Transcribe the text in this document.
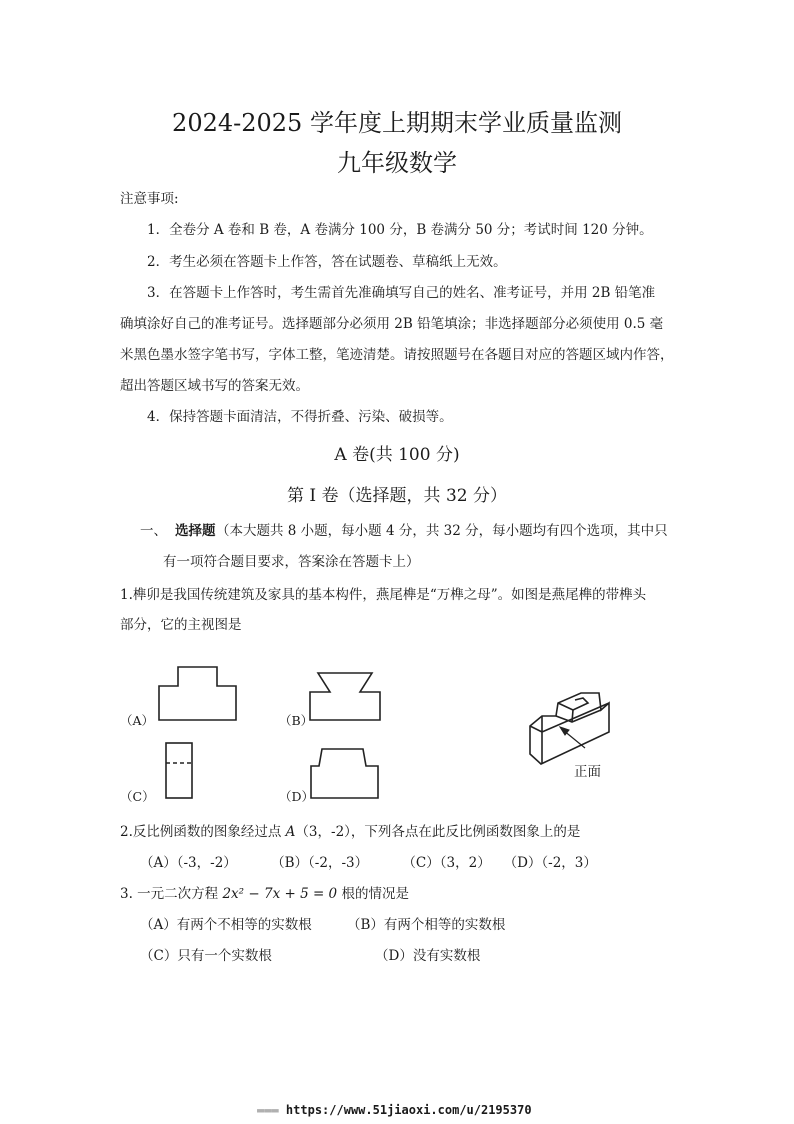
2024-2025 学年度上期期末学业质量监测
九年级数学
注意事项:
1．全卷分 A 卷和 B 卷，A 卷满分 100 分，B 卷满分 50 分；考试时间 120 分钟。
2．考生必须在答题卡上作答，答在试题卷、草稿纸上无效。
3．在答题卡上作答时，考生需首先准确填写自己的姓名、准考证号，并用 2B 铅笔准
确填涂好自己的准考证号。选择题部分必须用 2B 铅笔填涂；非选择题部分必须使用 0.5 毫
米黑色墨水签字笔书写，字体工整，笔迹清楚。请按照题号在各题目对应的答题区域内作答，
超出答题区域书写的答案无效。
4．保持答题卡面清洁，不得折叠、污染、破损等。
A 卷(共 100 分)
第 I 卷（选择题，共 32 分）
一、 选择题 （本大题共 8 小题，每小题 4 分，共 32 分，每小题均有四个选项，其中只
有一项符合题目要求，答案涂在答题卡上）
1.榫卯是我国传统建筑及家具的基本构件，燕尾榫是“万榫之母”。如图是燕尾榫的带榫头
部分，它的主视图是
（A）	（B）
（C）	（D）
正面
2.反比例函数的图象经过点 A（3，-2），下列各点在此反比例函数图象上的是
（A）（-3，-2）        （B）（-2，-3）        （C）（3，2）   （D）（-2，3）
3. 一元二次方程 2x² − 7x + 5 = 0 根的情况是
（A）有两个不相等的实数根	（B）有两个相等的实数根
（C）只有一个实数根	（D）没有实数根
▬▬▬ https://www.51jiaoxi.com/u/2195370
